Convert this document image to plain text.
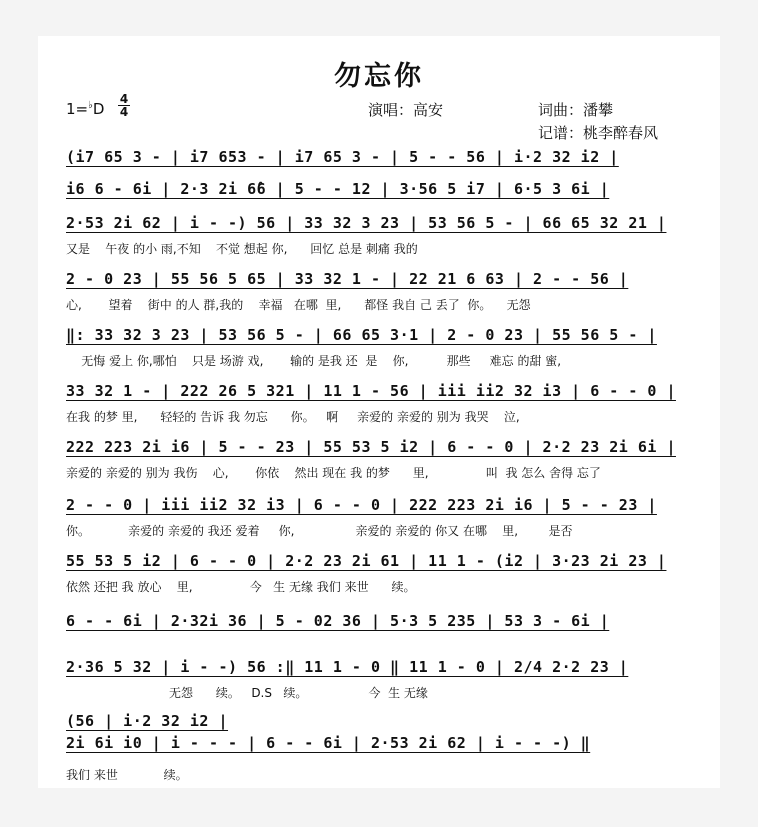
勿忘你
1=♭D
4
4	演唱：高安	词曲：潘攀
记谱：桃李醉春风
(i7 65 3 - | i7 653 - | i7 65 3 - | 5 - - 56 | i·2 32 i2 |
i6 6 - 6i | 2·3 2i 6̂6 | 5 - - 12 | 3·56 5 i7 | 6·5 3 6i |
2·53 2i 62 | i - -) 56 | 33 32 3 23 | 53 56 5 - | 66 65 32 21 |
又是    午夜 的小 雨,不知    不觉 想起 你,      回忆 总是 刺痛 我的
2 - 0 23 | 55 56 5 65 | 33 32 1 - | 22 21 6 63 | 2 - - 56 |
心,       望着    街中 的人 群,我的    幸福   在哪  里,      都怪 我自 己 丢了  你。    无怨
‖: 33 32 3 23 | 53 56 5 - | 66 65 3·1 | 2 - 0 23 | 55 56 5 - |
无悔 爱上 你,哪怕    只是 场游 戏,       输的 是我 还  是    你,          那些     难忘 的甜 蜜,
33 32 1 - | 222 26 5 321 | 11 1 - 56 | iii ii2 32 i3 | 6 - - 0 |
在我 的梦 里,      轻轻的 告诉 我 勿忘      你。   啊     亲爱的 亲爱的 别为 我哭    泣,
222 223 2i i6 | 5 - - 23 | 55 53 5 i2 | 6 - - 0 | 2·2 23 2i 6i |
亲爱的 亲爱的 别为 我伤    心,       你依    然出 现在 我 的梦      里,               叫  我 怎么 舍得 忘了
2 - - 0 | iii ii2 32 i3 | 6 - - 0 | 222 223 2i i6 | 5 - - 23 |
你。          亲爱的 亲爱的 我还 爱着     你,                亲爱的 亲爱的 你又 在哪    里,        是否
55 53 5 i2 | 6 - - 0 | 2·2 23 2i 61 | 11 1 - (i2 | 3·23 2i 23 |
依然 还把 我 放心    里,               今   生 无缘 我们 来世      续。
6 - - 6i | 2·32i 36 | 5 - 02 36 | 5·3 5 235 | 53 3 - 6i |
2·36 5 32 | i - -) 56 :‖ 11 1 - 0 ‖ 11 1 - 0 | 2/4 2·2 23 |
无怨      续。   D.S   续。                今  生 无缘
(56 | i·2 32 i2 |
2i 6i i0 | i - - - | 6 - - 6i | 2·53 2i 62 | i - - -) ‖
我们 来世            续。
